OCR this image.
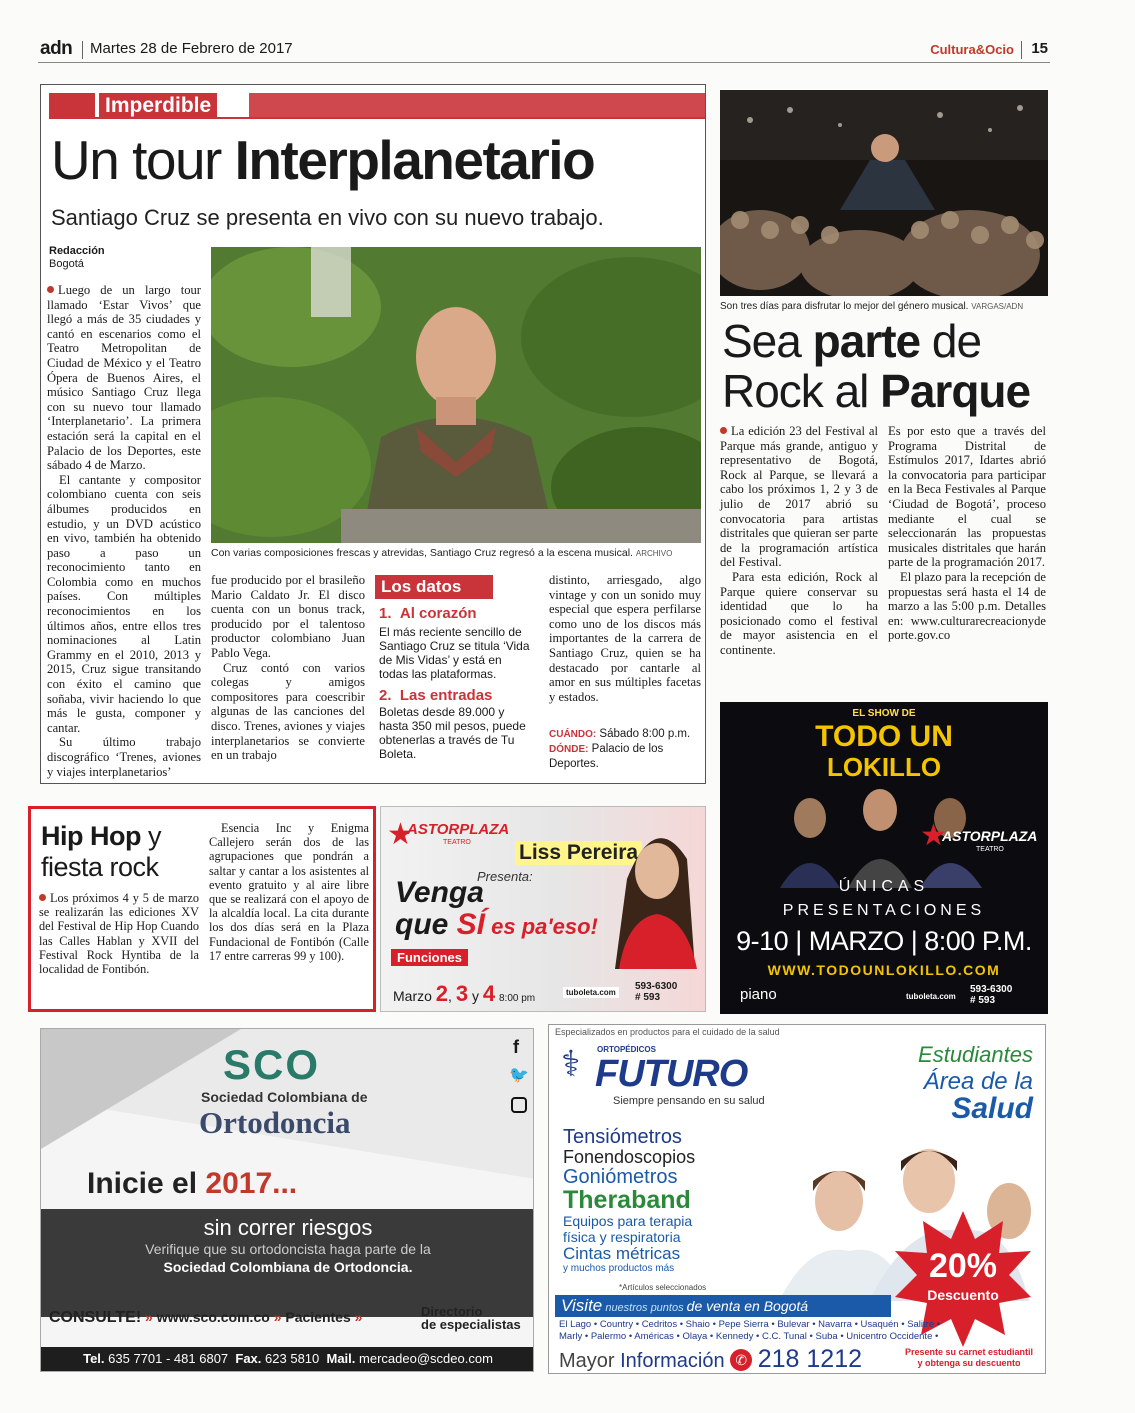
adn Martes 28 de Febrero de 2017	Cultura&Ocio 15
Imperdible
Un tour Interplanetario
Santiago Cruz se presenta en vivo con su nuevo trabajo.
Redacción
Bogotá

Luego de un largo tour llamado ‘Estar Vivos’ que llegó a más de 35 ciudades y cantó en escenarios como el Teatro Metropolitan de Ciudad de México y el Teatro Ópera de Buenos Aires, el músico Santiago Cruz llega con su nuevo tour llamado ‘Interplanetario’. La primera estación será la capital en el Palacio de los Deportes, este sábado 4 de Marzo.

El cantante y compositor colombiano cuenta con seis álbumes producidos en estudio, y un DVD acústico en vivo, también ha obtenido paso a paso un reconocimiento tanto en Colombia como en muchos países. Con múltiples reconocimientos en los últimos años, entre ellos tres nominaciones al Latin Grammy en el 2010, 2013 y 2015, Cruz sigue transitando con éxito el camino que soñaba, vivir haciendo lo que más le gusta, componer y cantar.

Su último trabajo discográfico ‘Trenes, aviones y viajes interplanetarios’

Con varias composiciones frescas y atrevidas, Santiago Cruz regresó a la escena musical. ARCHIVO

fue producido por el brasileño Mario Caldato Jr. El disco cuenta con un bonus track, producido por el talentoso productor colombiano Juan Pablo Vega.

Cruz contó con varios colegas y amigos compositores para coescribir algunas de las canciones del disco. Trenes, aviones y viajes interplanetarios se convierte en un trabajo

Los datos
1. Al corazón
El más reciente sencillo de Santiago Cruz se titula ‘Vida de Mis Vidas’ y está en todas las plataformas.
2. Las entradas
Boletas desde 89.000 y hasta 350 mil pesos, puede obtenerlas a través de Tu Boleta.

distinto, arriesgado, algo vintage y con un sonido muy especial que espera perfilarse como uno de los discos más importantes de la carrera de Santiago Cruz, quien se ha destacado por cantarle al amor en sus múltiples facetas y estados.

CUÁNDO: Sábado 8:00 p.m.
DÓNDE: Palacio de los Deportes.
Son tres días para disfrutar lo mejor del género musical. VARGAS/ADN
Sea parte de
Rock al Parque

La edición 23 del Festival al Parque más grande, antiguo y representativo de Bogotá, Rock al Parque, se llevará a cabo los próximos 1, 2 y 3 de julio de 2017 abrió su convocatoria para artistas distritales que quieran ser parte de la programación artística del Festival.

Para esta edición, Rock al Parque quiere conservar su identidad que lo ha posicionado como el festival de mayor asistencia en el continente.

Es por esto que a través del Programa Distrital de Estímulos 2017, Idartes abrió la convocatoria para participar en la Beca Festivales al Parque ‘Ciudad de Bogotá’, proceso mediante el cual se seleccionarán las propuestas musicales distritales que harán parte de la programación 2017.

El plazo para la recepción de propuestas será hasta el 14 de marzo a las 5:00 p.m. Detalles en: www.culturarecreacionydeporte.gov.co

Hip Hop y
fiesta rock

Los próximos 4 y 5 de marzo se realizarán las ediciones XV del Festival de Hip Hop Cuando las Calles Hablan y XVII del Festival Rock Hyntiba de la localidad de Fontibón.

Esencia Inc y Enigma Callejero serán dos de las agrupaciones que pondrán a saltar y cantar a los asistentes al evento gratuito y al aire libre que se realizará con el apoyo de la alcaldía local. La cita durante los dos días será en la Plaza Fundacional de Fontibón (Calle 17 entre carreras 99 y 100).

★
ASTORPLAZA
TEATRO Liss Pereira
Presenta:
Venga
que SÍ es pa'eso!
Funciones
Marzo 2, 3 y 4 8:00 pm
tuboleta.com
593-6300
# 593
EL SHOW DE
TODO UN
LOKILLO
★
ASTORPLAZA
TEATRO
ÚNICAS
PRESENTACIONES
9-10 | MARZO | 8:00 P.M.
WWW.TODOUNLOKILLO.COM
piano	tuboleta.com
593-6300
# 593
f
🐦
SCO
Sociedad Colombiana de
Ortodoncia
Inicie el 2017...
sin correr riesgos
Verifique que su ortodoncista haga parte de la
Sociedad Colombiana de Ortodoncia.
CONSULTE! » www.sco.com.co » Pacientes »	Directorio
de especialistas
Tel. 635 7701 - 481 6807 Fax. 623 5810 Mail. mercadeo@scdeo.com
Especializados en productos para el cuidado de la salud
⚕ ORTOPÉDICOS
FUTURO
Siempre pensando en su salud
Estudiantes
Área de la
Salud
Tensiómetros
Fonendoscopios
Goniómetros
Theraband
Equipos para terapia
física y respiratoria
Cintas métricas
y muchos productos más
*Artículos seleccionados
20%
Descuento
Visite nuestros puntos de venta en Bogotá
El Lago • Country • Cedritos • Shaio • Pepe Sierra • Bulevar • Navarra • Usaquén • Salitre •
Marly • Palermo • Américas • Olaya • Kennedy • C.C. Tunal • Suba • Unicentro Occidente •
Mayor Información ✆ 218 1212	Presente su carnet estudiantil
y obtenga su descuento
